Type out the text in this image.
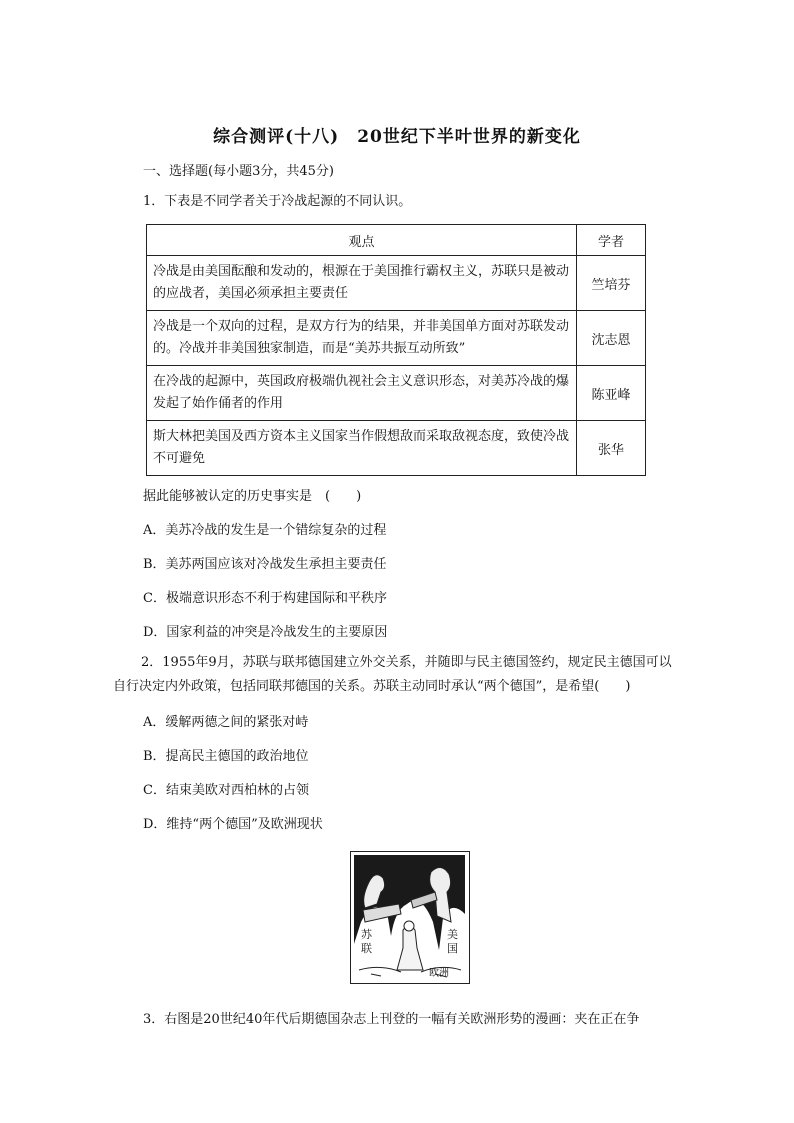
综合测评(十八)　20世纪下半叶世界的新变化
一、选择题(每小题3分，共45分)
1．下表是不同学者关于冷战起源的不同认识。
观点	学者
冷战是由美国酝酿和发动的，根源在于美国推行霸权主义，苏联只是被动的应战者，美国必须承担主要责任	竺培芬
冷战是一个双向的过程，是双方行为的结果，并非美国单方面对苏联发动的。冷战并非美国独家制造，而是“美苏共振互动所致”	沈志恩
在冷战的起源中，英国政府极端仇视社会主义意识形态，对美苏冷战的爆发起了始作俑者的作用	陈亚峰
斯大林把美国及西方资本主义国家当作假想敌而采取敌视态度，致使冷战不可避免	张华
据此能够被认定的历史事实是　(　　)
A．美苏冷战的发生是一个错综复杂的过程
B．美苏两国应该对冷战发生承担主要责任
C．极端意识形态不利于构建国际和平秩序
D．国家利益的冲突是冷战发生的主要原因
2．1955年9月，苏联与联邦德国建立外交关系，并随即与民主德国签约，规定民主德国可以自行决定内外政策，包括同联邦德国的关系。苏联主动同时承认“两个德国”，是希望(　　)
A．缓解两德之间的紧张对峙
B．提高民主德国的政治地位
C．结束美欧对西柏林的占领
D．维持“两个德国”及欧洲现状
苏
联
美
国
欧洲
3．右图是20世纪40年代后期德国杂志上刊登的一幅有关欧洲形势的漫画：夹在正在争
